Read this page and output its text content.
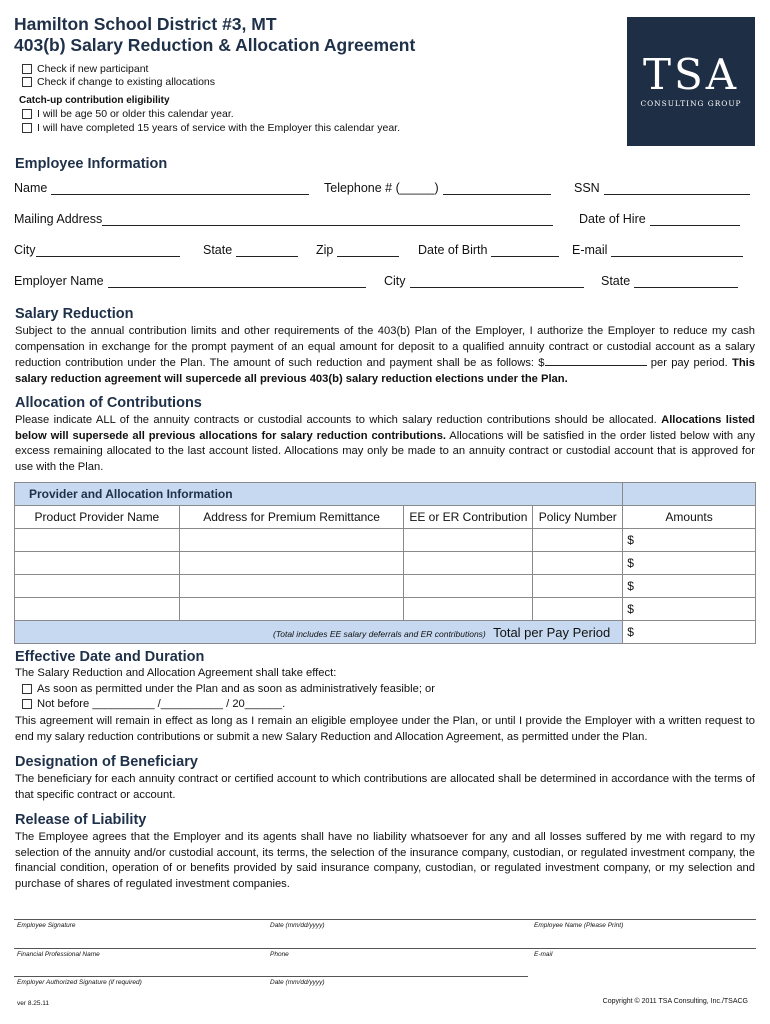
Hamilton School District #3, MT
403(b) Salary Reduction & Allocation Agreement
Check if new participant
Check if change to existing allocations
Catch-up contribution eligibility
I will be age 50 or older this calendar year.
I will have completed 15 years of service with the Employer this calendar year.
TSA
CONSULTING GROUP
Employee Information
Name	Telephone # (_____)	SSN
Mailing Address	Date of Hire
City	State	Zip	Date of Birth	E-mail
Employer Name	City	State
Salary Reduction
Subject to the annual contribution limits and other requirements of the 403(b) Plan of the Employer, I authorize the Employer to reduce my cash compensation in exchange for the prompt payment of an equal amount for deposit to a qualified annuity contract or custodial account as a salary reduction contribution under the Plan. The amount of such reduction and payment shall be as follows: $	per pay period. This salary reduction agreement will supercede all previous 403(b) salary reduction elections under the Plan.
Allocation of Contributions
Please indicate ALL of the annuity contracts or custodial accounts to which salary reduction contributions should be allocated. Allocations listed below will supersede all previous allocations for salary reduction contributions. Allocations will be satisfied in the order listed below with any excess remaining allocated to the last account listed. Allocations may only be made to an annuity contract or custodial account that is approved for use with the Plan.
Provider and Allocation Information				
Product Provider Name	Address for Premium Remittance	EE or ER Contribution	Policy Number	Amounts
				$
				$
				$
				$
(Total includes EE salary deferrals and ER contributions) Total per Pay Period				$
Effective Date and Duration
The Salary Reduction and Allocation Agreement shall take effect:
As soon as permitted under the Plan and as soon as administratively feasible; or
Not before __________ /__________ / 20______.
This agreement will remain in effect as long as I remain an eligible employee under the Plan, or until I provide the Employer with a written request to end my salary reduction contributions or submit a new Salary Reduction and Allocation Agreement, as permitted under the Plan.
Designation of Beneficiary
The beneficiary for each annuity contract or certified account to which contributions are allocated shall be determined in accordance with the terms of that specific contract or account.
Release of Liability
The Employee agrees that the Employer and its agents shall have no liability whatsoever for any and all losses suffered by me with regard to my selection of the annuity and/or custodial account, its terms, the selection of the insurance company, custodian, or regulated investment company, the financial condition, operation of or benefits provided by said insurance company, custodian, or regulated investment company, or my selection and purchase of shares of regulated investment companies.
Employee Signature	Date (mm/dd/yyyy)	Employee Name (Please Print)
Financial Professional Name	Phone	E-mail
Employer Authorized Signature (if required)	Date (mm/dd/yyyy)
ver 8.25.11	Copyright © 2011 TSA Consulting, Inc./TSACG
